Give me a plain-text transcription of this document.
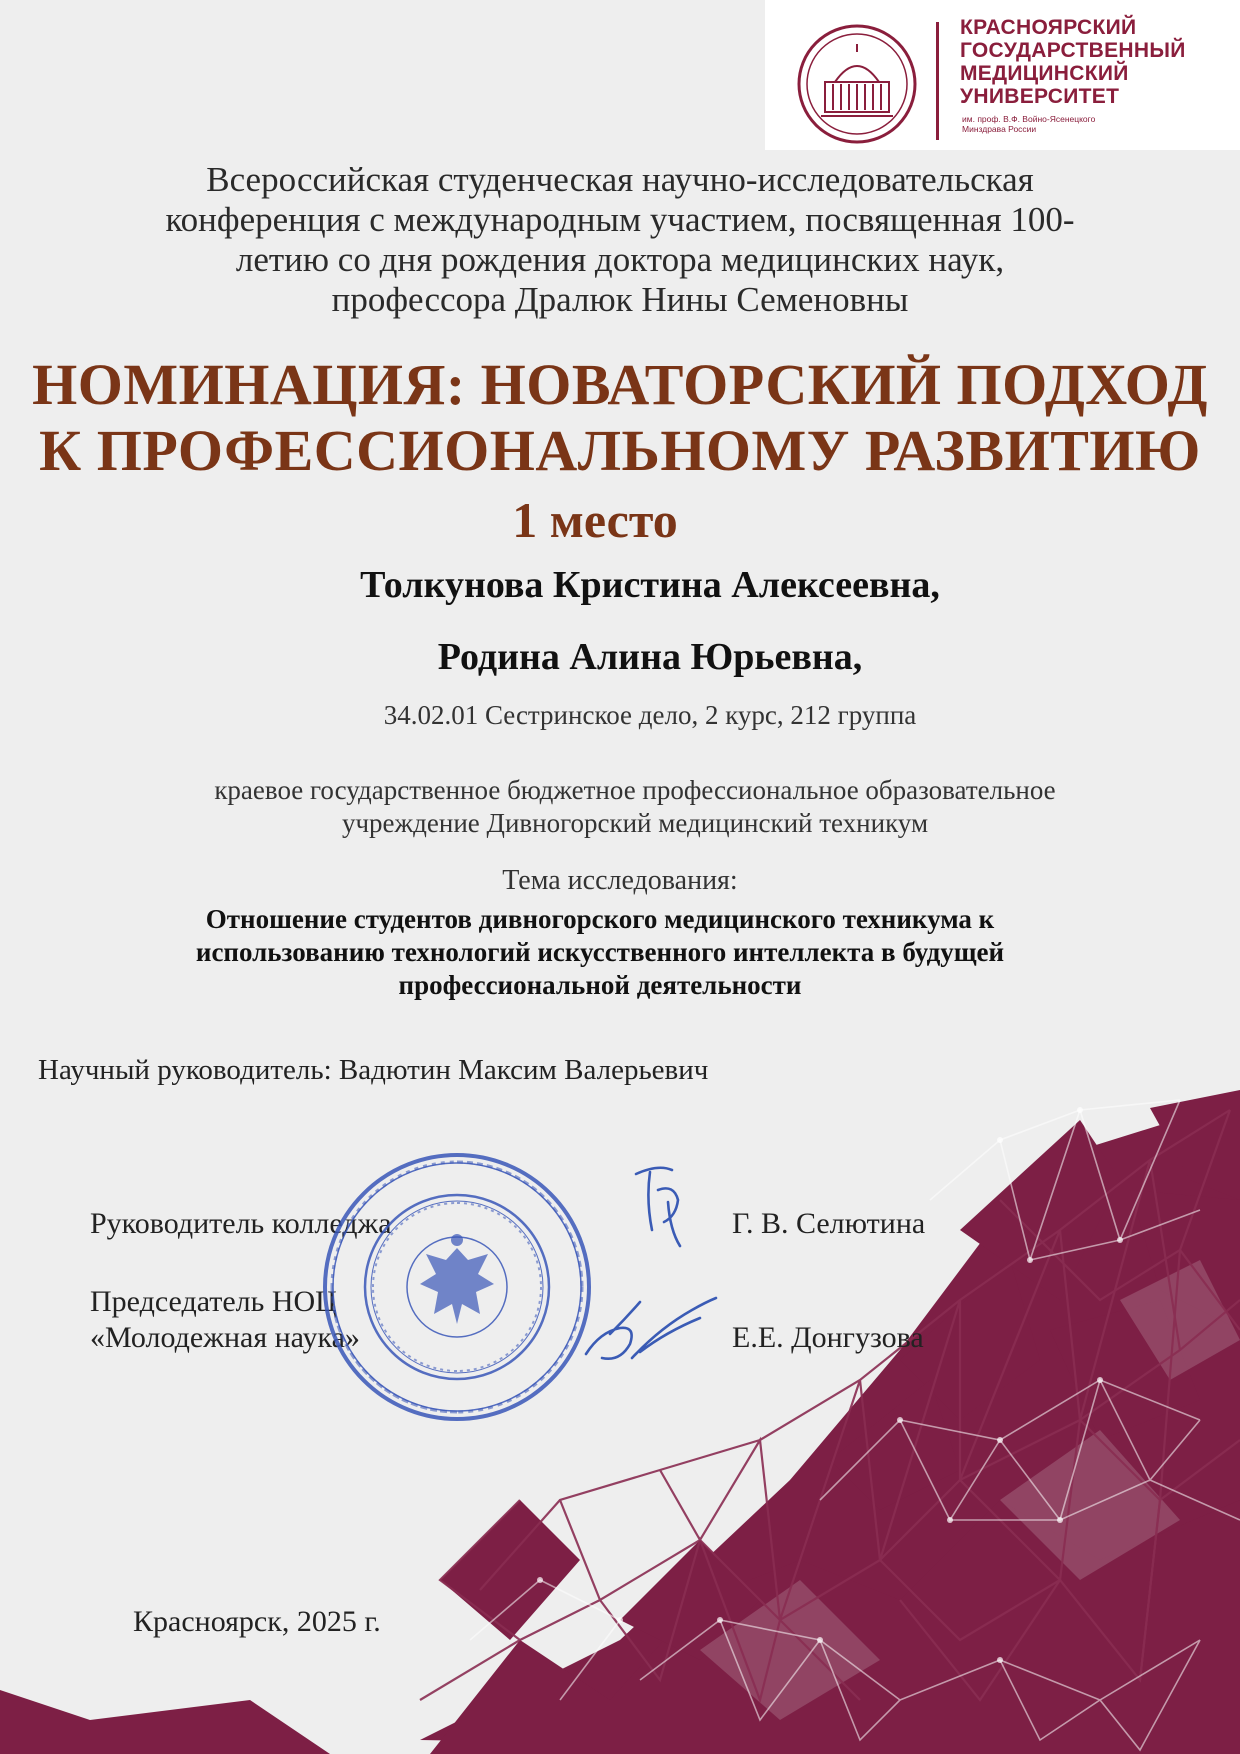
КРАСНОЯРСКИЙ
ГОСУДАРСТВЕННЫЙ
МЕДИЦИНСКИЙ
УНИВЕРСИТЕТ
им. проф. В.Ф. Войно-Ясенецкого
Минздрава России
Всероссийская студенческая научно-исследовательская
конференция с международным участием, посвященная 100-
летию со дня рождения доктора медицинских наук,
профессора Дралюк Нины Семеновны
НОМИНАЦИЯ: НОВАТОРСКИЙ ПОДХОД
К ПРОФЕССИОНАЛЬНОМУ РАЗВИТИЮ
1 место
Толкунова Кристина Алексеевна,
Родина Алина Юрьевна,
34.02.01 Сестринское дело, 2 курс, 212 группа
краевое государственное бюджетное профессиональное образовательное
учреждение Дивногорский медицинский техникум
Тема исследования:
Отношение студентов дивногорского медицинского техникума к
использованию технологий искусственного интеллекта в будущей
профессиональной деятельности
Научный руководитель: Вадютин Максим Валерьевич
Руководитель колледжа	Г. В. Селютина
Председатель НОЦ
«Молодежная наука»	Е.Е. Донгузова
Красноярск, 2025 г.
